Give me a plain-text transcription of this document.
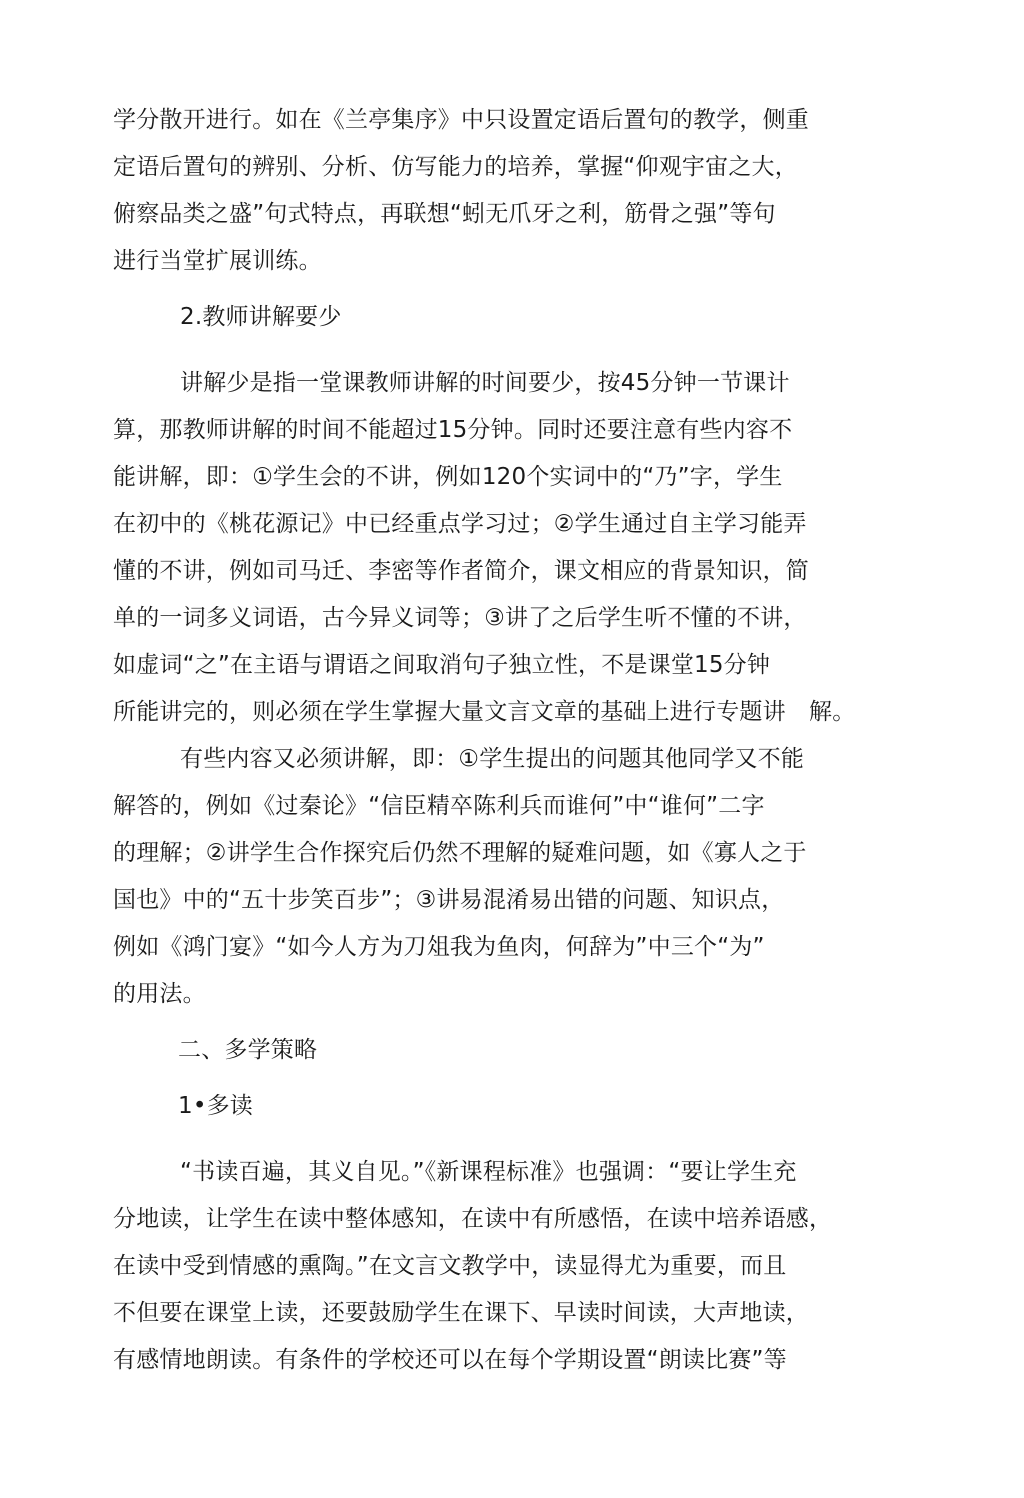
学分散开进行。如在《兰亭集序》中只设置定语后置句的教学，侧重
定语后置句的辨别、分析、仿写能力的培养，掌握“仰观宇宙之大，
俯察品类之盛”句式特点，再联想“蚓无爪牙之利，筋骨之强”等句
进行当堂扩展训练。
2.教师讲解要少
讲解少是指一堂课教师讲解的时间要少，按45分钟一节课计
算，那教师讲解的时间不能超过15分钟。同时还要注意有些内容不
能讲解，即：①学生会的不讲，例如120个实词中的“乃”字，学生
在初中的《桃花源记》中已经重点学习过；②学生通过自主学习能弄
懂的不讲，例如司马迁、李密等作者简介，课文相应的背景知识，简
单的一词多义词语，古今异义词等；③讲了之后学生听不懂的不讲，
如虚词“之”在主语与谓语之间取消句子独立性，不是课堂15分钟
所能讲完的，则必须在学生掌握大量文言文章的基础上进行专题讲　解。
有些内容又必须讲解，即：①学生提出的问题其他同学又不能
解答的，例如《过秦论》“信臣精卒陈利兵而谁何”中“谁何”二字
的理解；②讲学生合作探究后仍然不理解的疑难问题，如《寡人之于
国也》中的“五十步笑百步”；③讲易混淆易出错的问题、知识点，
例如《鸿门宴》“如今人方为刀俎我为鱼肉，何辞为”中三个“为”
的用法。
二、多学策略
1•多读
“书读百遍，其义自见。”《新课程标准》也强调：“要让学生充
分地读，让学生在读中整体感知，在读中有所感悟，在读中培养语感，
在读中受到情感的熏陶。”在文言文教学中，读显得尤为重要，而且
不但要在课堂上读，还要鼓励学生在课下、早读时间读，大声地读，
有感情地朗读。有条件的学校还可以在每个学期设置“朗读比赛”等
